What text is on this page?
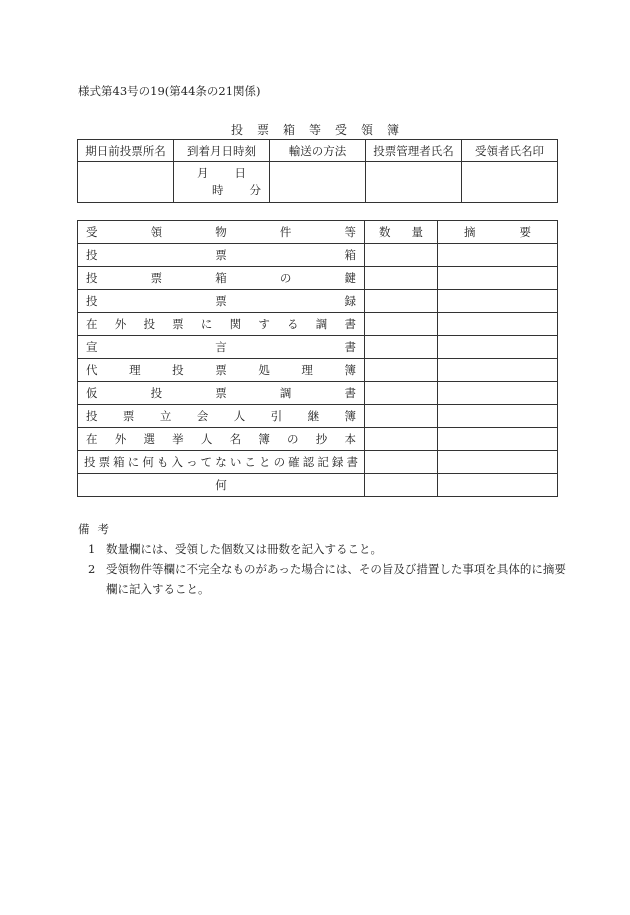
様式第43号の19(第44条の21関係)
投票箱等受領簿
期日前投票所名	到着月日時刻	輸送の方法	投票管理者氏名	受領者氏名印

	月 日
時 分			

受領物件等	数量	摘要
投票箱		
投票箱の鍵		
投票録		
在外投票に関する調書		
宣言書		
代理投票処理簿		
仮投票調書		
投票立会人引継簿		
在外選挙人名簿の抄本		
投票箱に何も入ってないことの確認記録書		
何		
備考
1 数量欄には、受領した個数又は冊数を記入すること。
2 受領物件等欄に不完全なものがあった場合には、その旨及び措置した事項を具体的に摘要欄に記入すること。
